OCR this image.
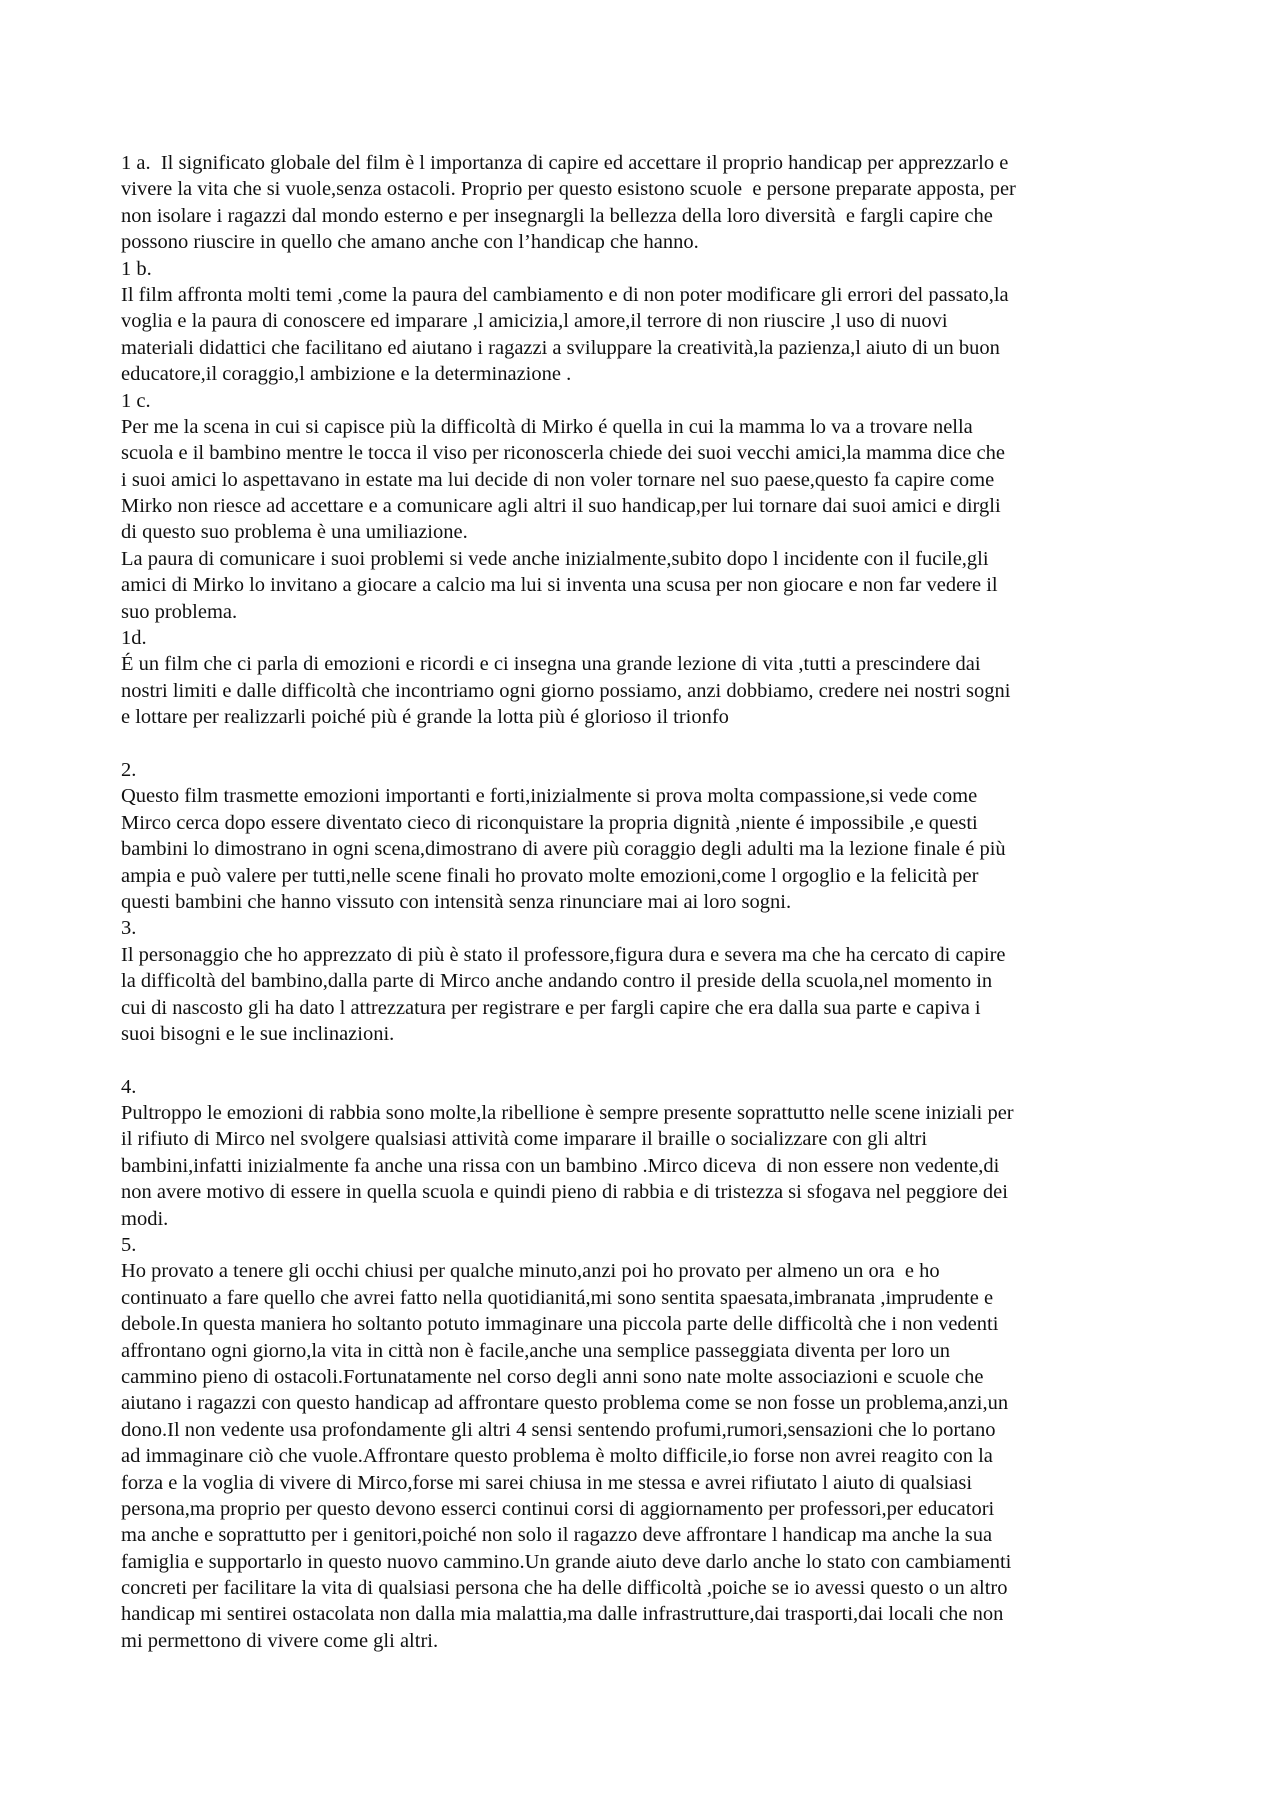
1 a.  Il significato globale del film è l importanza di capire ed accettare il proprio handicap per apprezzarlo e
vivere la vita che si vuole,senza ostacoli. Proprio per questo esistono scuole  e persone preparate apposta, per
non isolare i ragazzi dal mondo esterno e per insegnargli la bellezza della loro diversità  e fargli capire che
possono riuscire in quello che amano anche con l’handicap che hanno.
1 b.
Il film affronta molti temi ,come la paura del cambiamento e di non poter modificare gli errori del passato,la
voglia e la paura di conoscere ed imparare ,l amicizia,l amore,il terrore di non riuscire ,l uso di nuovi
materiali didattici che facilitano ed aiutano i ragazzi a sviluppare la creatività,la pazienza,l aiuto di un buon
educatore,il coraggio,l ambizione e la determinazione .
1 c.
Per me la scena in cui si capisce più la difficoltà di Mirko é quella in cui la mamma lo va a trovare nella
scuola e il bambino mentre le tocca il viso per riconoscerla chiede dei suoi vecchi amici,la mamma dice che
i suoi amici lo aspettavano in estate ma lui decide di non voler tornare nel suo paese,questo fa capire come
Mirko non riesce ad accettare e a comunicare agli altri il suo handicap,per lui tornare dai suoi amici e dirgli
di questo suo problema è una umiliazione.
La paura di comunicare i suoi problemi si vede anche inizialmente,subito dopo l incidente con il fucile,gli
amici di Mirko lo invitano a giocare a calcio ma lui si inventa una scusa per non giocare e non far vedere il
suo problema.
1d.
É un film che ci parla di emozioni e ricordi e ci insegna una grande lezione di vita ,tutti a prescindere dai
nostri limiti e dalle difficoltà che incontriamo ogni giorno possiamo, anzi dobbiamo, credere nei nostri sogni
e lottare per realizzarli poiché più é grande la lotta più é glorioso il trionfo
2.
Questo film trasmette emozioni importanti e forti,inizialmente si prova molta compassione,si vede come
Mirco cerca dopo essere diventato cieco di riconquistare la propria dignità ,niente é impossibile ,e questi
bambini lo dimostrano in ogni scena,dimostrano di avere più coraggio degli adulti ma la lezione finale é più
ampia e può valere per tutti,nelle scene finali ho provato molte emozioni,come l orgoglio e la felicità per
questi bambini che hanno vissuto con intensità senza rinunciare mai ai loro sogni.
3.
Il personaggio che ho apprezzato di più è stato il professore,figura dura e severa ma che ha cercato di capire
la difficoltà del bambino,dalla parte di Mirco anche andando contro il preside della scuola,nel momento in
cui di nascosto gli ha dato l attrezzatura per registrare e per fargli capire che era dalla sua parte e capiva i
suoi bisogni e le sue inclinazioni.
4.
Pultroppo le emozioni di rabbia sono molte,la ribellione è sempre presente soprattutto nelle scene iniziali per
il rifiuto di Mirco nel svolgere qualsiasi attività come imparare il braille o socializzare con gli altri
bambini,infatti inizialmente fa anche una rissa con un bambino .Mirco diceva  di non essere non vedente,di
non avere motivo di essere in quella scuola e quindi pieno di rabbia e di tristezza si sfogava nel peggiore dei
modi.
5.
Ho provato a tenere gli occhi chiusi per qualche minuto,anzi poi ho provato per almeno un ora  e ho
continuato a fare quello che avrei fatto nella quotidianitá,mi sono sentita spaesata,imbranata ,imprudente e
debole.In questa maniera ho soltanto potuto immaginare una piccola parte delle difficoltà che i non vedenti
affrontano ogni giorno,la vita in città non è facile,anche una semplice passeggiata diventa per loro un
cammino pieno di ostacoli.Fortunatamente nel corso degli anni sono nate molte associazioni e scuole che
aiutano i ragazzi con questo handicap ad affrontare questo problema come se non fosse un problema,anzi,un
dono.Il non vedente usa profondamente gli altri 4 sensi sentendo profumi,rumori,sensazioni che lo portano
ad immaginare ciò che vuole.Affrontare questo problema è molto difficile,io forse non avrei reagito con la
forza e la voglia di vivere di Mirco,forse mi sarei chiusa in me stessa e avrei rifiutato l aiuto di qualsiasi
persona,ma proprio per questo devono esserci continui corsi di aggiornamento per professori,per educatori
ma anche e soprattutto per i genitori,poiché non solo il ragazzo deve affrontare l handicap ma anche la sua
famiglia e supportarlo in questo nuovo cammino.Un grande aiuto deve darlo anche lo stato con cambiamenti
concreti per facilitare la vita di qualsiasi persona che ha delle difficoltà ,poiche se io avessi questo o un altro
handicap mi sentirei ostacolata non dalla mia malattia,ma dalle infrastrutture,dai trasporti,dai locali che non
mi permettono di vivere come gli altri.
